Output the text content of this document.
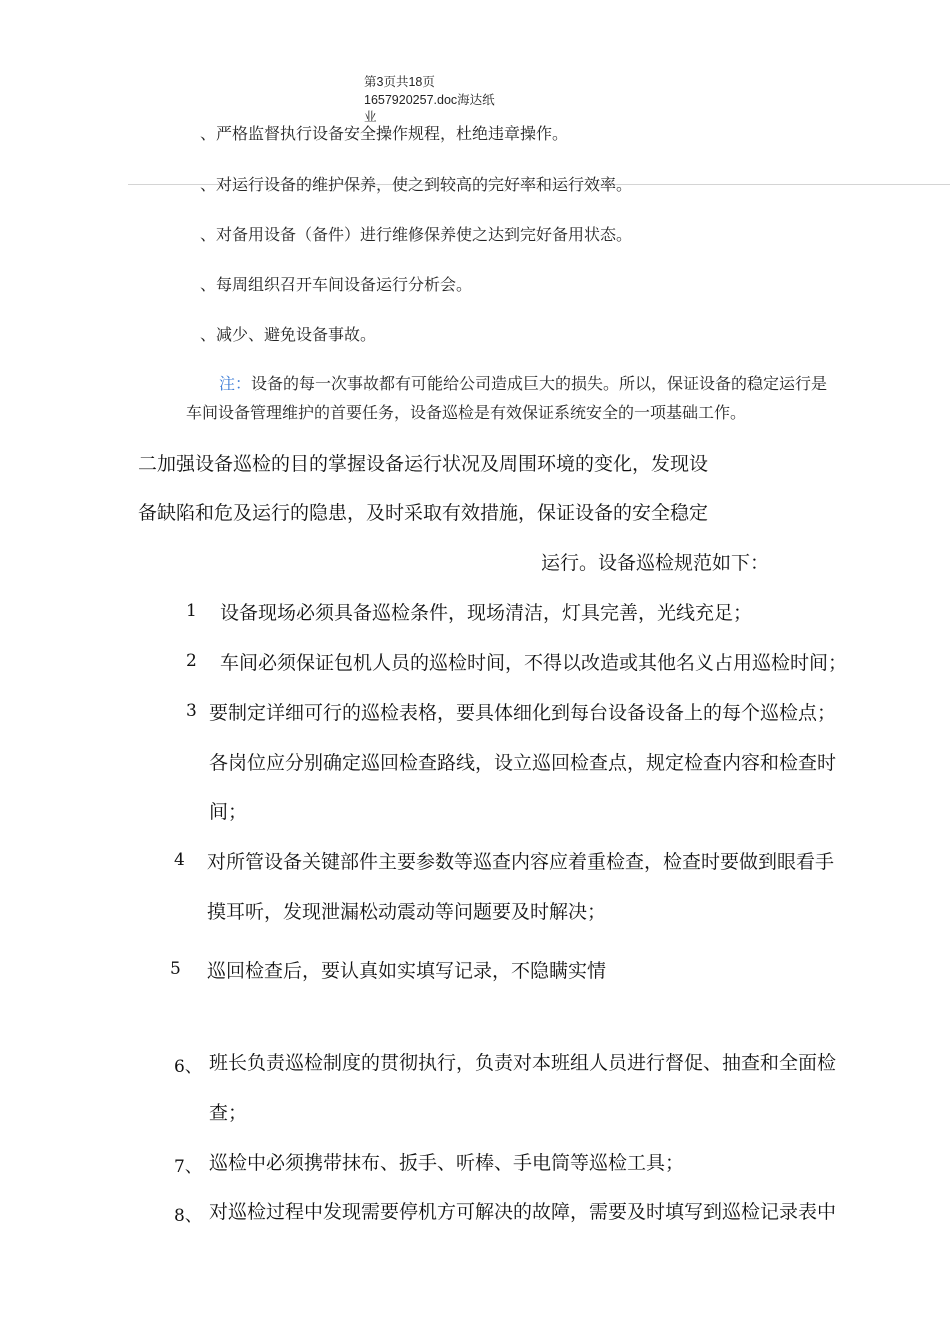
第3页共18页
1657920257.doc海达纸
业
、严格监督执行设备安全操作规程，杜绝违章操作。
、对运行设备的维护保养，使之到较高的完好率和运行效率。
、对备用设备（备件）进行维修保养使之达到完好备用状态。
、每周组织召开车间设备运行分析会。
、减少、避免设备事故。
注：设备的每一次事故都有可能给公司造成巨大的损失。所以，保证设备的稳定运行是
车间设备管理维护的首要任务，设备巡检是有效保证系统安全的一项基础工作。
二加强设备巡检的目的掌握设备运行状况及周围环境的变化，发现设
备缺陷和危及运行的隐患，及时采取有效措施，保证设备的安全稳定
运行。设备巡检规范如下：
1 设备现场必须具备巡检条件，现场清洁，灯具完善，光线充足；
2 车间必须保证包机人员的巡检时间，不得以改造或其他名义占用巡检时间；
3 要制定详细可行的巡检表格，要具体细化到每台设备设备上的每个巡检点；
各岗位应分别确定巡回检查路线，设立巡回检查点，规定检查内容和检查时
间；
4 对所管设备关键部件主要参数等巡查内容应着重检查，检查时要做到眼看手
摸耳听，发现泄漏松动震动等问题要及时解决；
5 巡回检查后，要认真如实填写记录，不隐瞒实情
6、 班长负责巡检制度的贯彻执行，负责对本班组人员进行督促、抽查和全面检
查；
7、 巡检中必须携带抹布、扳手、听棒、手电筒等巡检工具；
8、 对巡检过程中发现需要停机方可解决的故障，需要及时填写到巡检记录表中
